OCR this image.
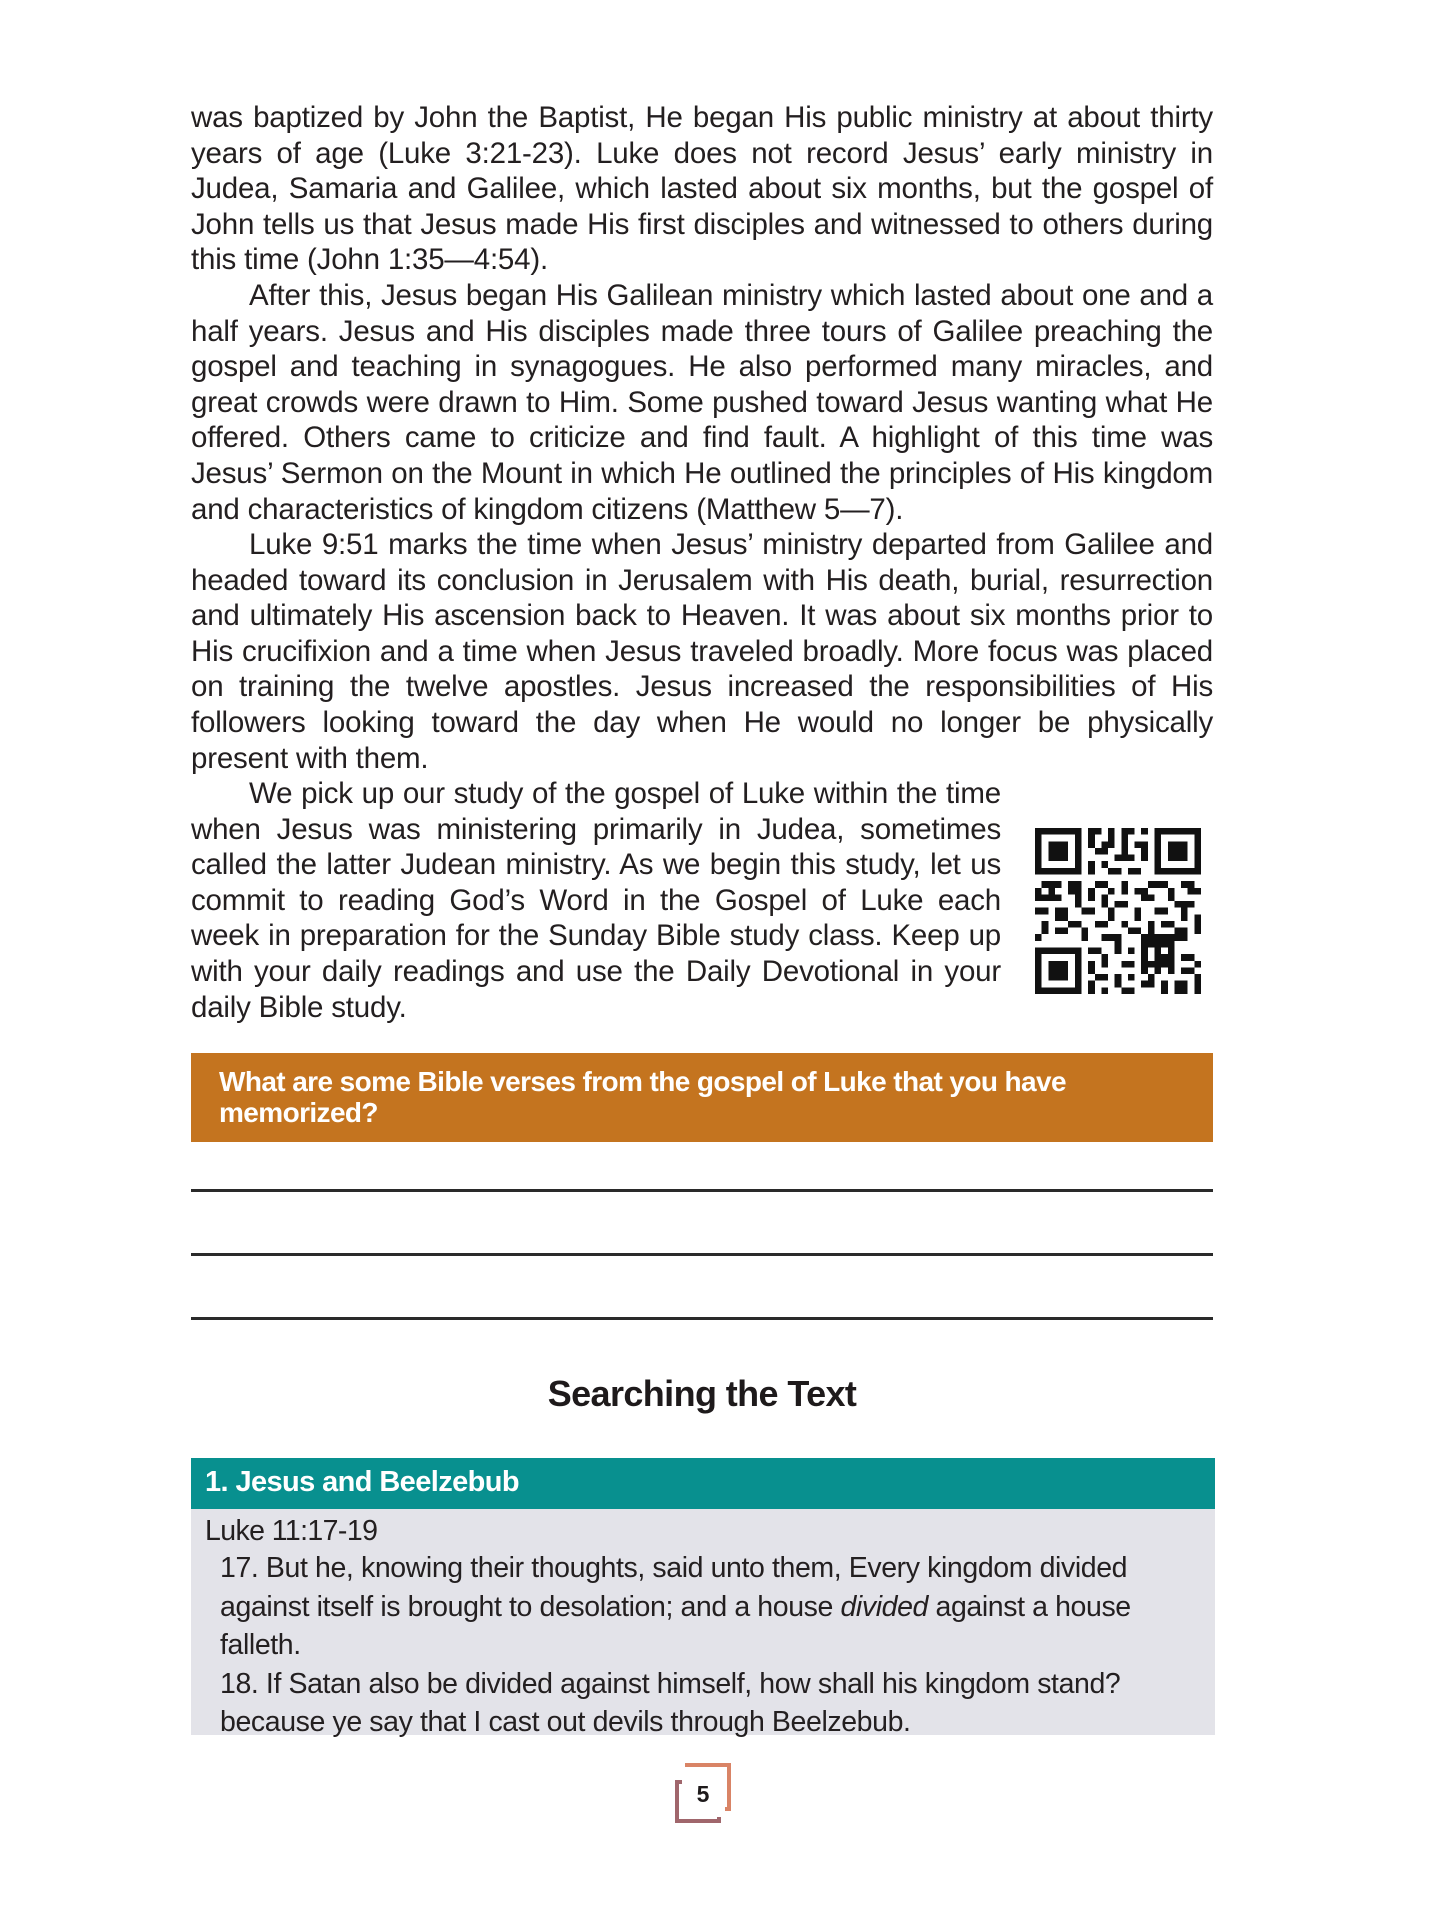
was baptized by John the Baptist, He began His public ministry at about thirty years of age (Luke 3:21-23). Luke does not record Jesus’ early ministry in Judea, Samaria and Galilee, which lasted about six months, but the gospel of John tells us that Jesus made His first disciples and witnessed to others during this time (John 1:35—4:54).

After this, Jesus began His Galilean ministry which lasted about one and a half years. Jesus and His disciples made three tours of Galilee preaching the gospel and teaching in synagogues. He also performed many miracles, and great crowds were drawn to Him. Some pushed toward Jesus wanting what He offered. Others came to criticize and find fault. A highlight of this time was Jesus’ Sermon on the Mount in which He outlined the principles of His kingdom and characteristics of kingdom citizens (Matthew 5—7).

Luke 9:51 marks the time when Jesus’ ministry departed from Galilee and headed toward its conclusion in Jerusalem with His death, burial, resurrection and ultimately His ascension back to Heaven. It was about six months prior to His crucifixion and a time when Jesus traveled broadly. More focus was placed on training the twelve apostles. Jesus increased the responsibilities of His followers looking toward the day when He would no longer be physically present with them.

We pick up our study of the gospel of Luke within the time when Jesus was ministering primarily in Judea, sometimes called the latter Judean ministry. As we begin this study, let us commit to reading God’s Word in the Gospel of Luke each week in preparation for the Sunday Bible study class. Keep up with your daily readings and use the Daily Devotional in your daily Bible study.

What are some Bible verses from the gospel of Luke that you have memorized?

Searching the Text

1. Jesus and Beelzebub

Luke 11:17-19

17. But he, knowing their thoughts, said unto them, Every kingdom divided against itself is brought to desolation; and a house divided against a house falleth.

18. If Satan also be divided against himself, how shall his kingdom stand? because ye say that I cast out devils through Beelzebub.

5
